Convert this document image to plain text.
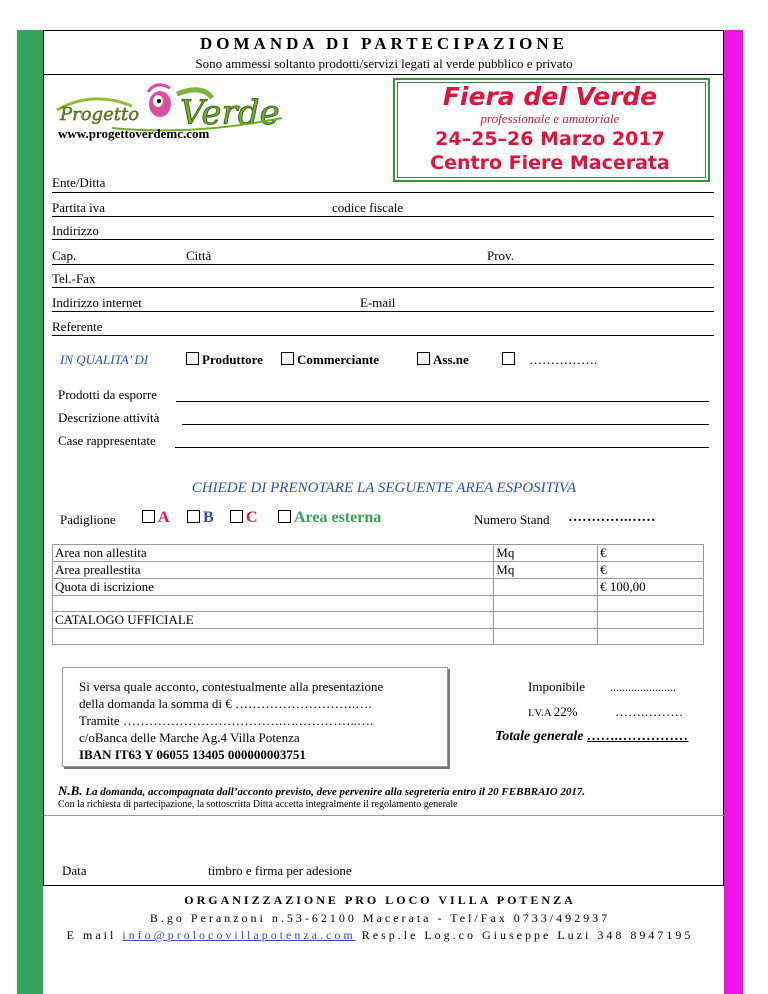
DOMANDA DI PARTECIPAZIONE
Sono ammessi soltanto prodotti/servizi legati al verde pubblico e privato
Progetto Verde
www.progettoverdemc.com
Fiera del Verde
professionale e amatoriale
24–25–26 Marzo 2017
Centro Fiere Macerata
Ente/Ditta
Partita iva	codice fiscale
Indirizzo
Cap.	Città	Prov.
Tel.-Fax
Indirizzo internet	E-mail
Referente
IN QUALITA’ DI	Produttore	Commerciante	Ass.ne	…………….
Prodotti da esporre
Descrizione attività
Case rappresentate
CHIEDE DI PRENOTARE LA SEGUENTE AREA ESPOSITIVA
Padiglione	A	B	C	Area esterna	Numero Stand ………….……
Area non allestita	Mq	€
Area preallestita	Mq	€
Quota di iscrizione		€ 100,00

CATALOGO UFFICIALE		

Si versa quale acconto, contestualmente alla presentazione
della domanda la somma di € ……………………….….
Tramite ……………………………….….…………..….
c/oBanca delle Marche Ag.4 Villa Potenza
IBAN IT63 Y 06055 13405 000000003751
Imponibile ......................
I.V.A 22%	…….………
Totale generale …….……………
N.B. La domanda, accompagnata dall’acconto previsto, deve pervenire alla segreteria entro il 20 FEBBRAIO 2017.
Con la richiesta di partecipazione, la sottoscritta Ditta accetta integralmente il regolamento generale
Data	timbro e firma per adesione
ORGANIZZAZIONE PRO LOCO VILLA POTENZA
B.go Peranzoni n.53-62100 Macerata - Tel/Fax 0733/492937
E mail info@prolocovillapotenza.com Resp.le Log.co Giuseppe Luzi 348 8947195
